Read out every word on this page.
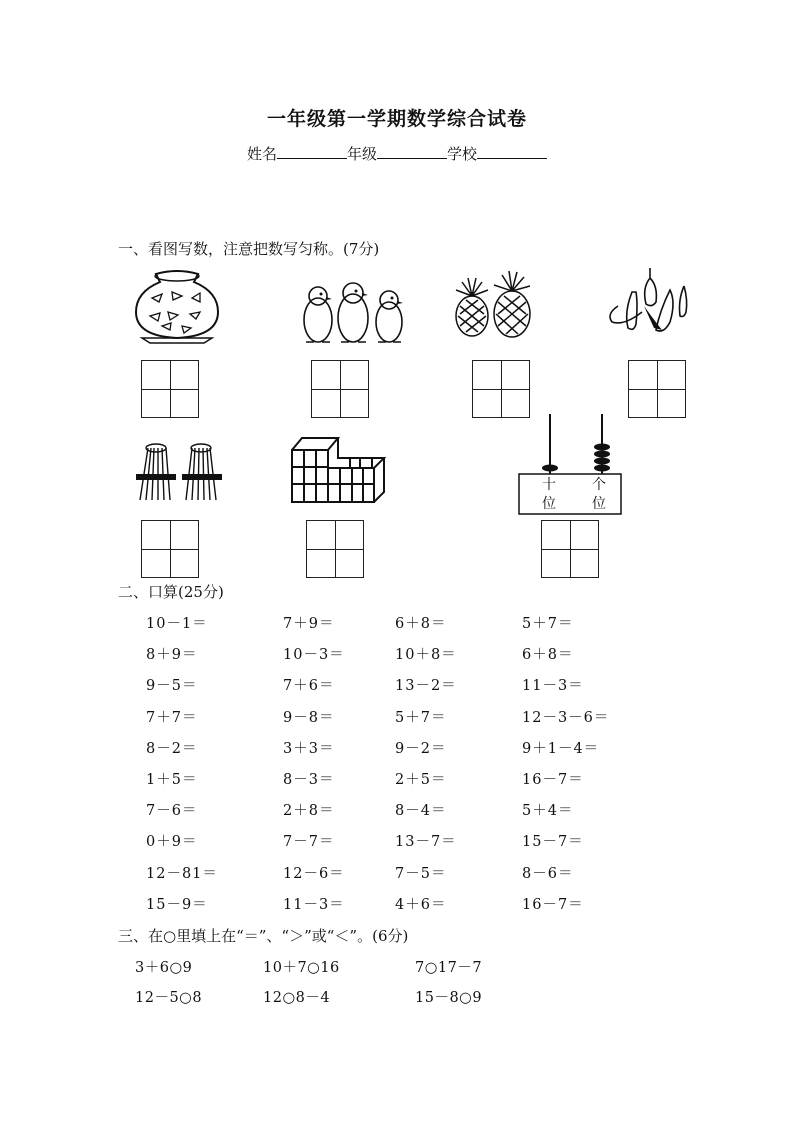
一年级第一学期数学综合试卷
姓名	年级	学校
一、看图写数，注意把数写匀称。(7分)
十
位
个
位
二、口算(25分)
10－1＝	7＋9＝	6＋8＝	5＋7＝
8＋9＝	10－3＝	10＋8＝	6＋8＝
9－5＝	7＋6＝	13－2＝	11－3＝
7＋7＝	9－8＝	5＋7＝	12－3－6＝
8－2＝	3＋3＝	9－2＝	9＋1－4＝
1＋5＝	8－3＝	2＋5＝	16－7＝
7－6＝	2＋8＝	8－4＝	5＋4＝
0＋9＝	7－7＝	13－7＝	15－7＝
12－81＝	12－6＝	7－5＝	8－6＝
15－9＝	11－3＝	4＋6＝	16－7＝
三、在○里填上在“＝”、“＞”或“＜”。(6分)
3＋6○9	10＋7○16	7○17－7
12－5○8	12○8－4	15－8○9
